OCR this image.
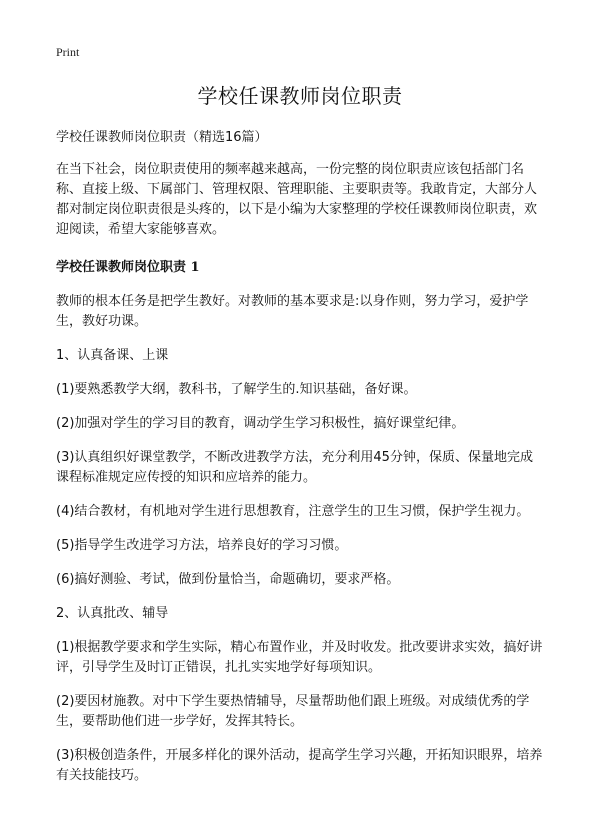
Print
学校任课教师岗位职责

学校任课教师岗位职责（精选16篇）

在当下社会，岗位职责使用的频率越来越高，一份完整的岗位职责应该包括部门名称、直接上级、下属部门、管理权限、管理职能、主要职责等。我敢肯定，大部分人都对制定岗位职责很是头疼的，以下是小编为大家整理的学校任课教师岗位职责，欢迎阅读，希望大家能够喜欢。

学校任课教师岗位职责 1

教师的根本任务是把学生教好。对教师的基本要求是:以身作则，努力学习，爱护学生，教好功课。

1、认真备课、上课

(1)要熟悉教学大纲，教科书，了解学生的.知识基础，备好课。

(2)加强对学生的学习目的教育，调动学生学习积极性，搞好课堂纪律。

(3)认真组织好课堂教学，不断改进教学方法，充分利用45分钟，保质、保量地完成课程标准规定应传授的知识和应培养的能力。

(4)结合教材，有机地对学生进行思想教育，注意学生的卫生习惯，保护学生视力。

(5)指导学生改进学习方法，培养良好的学习习惯。

(6)搞好测验、考试，做到份量恰当，命题确切，要求严格。

2、认真批改、辅导

(1)根据教学要求和学生实际，精心布置作业，并及时收发。批改要讲求实效，搞好讲评，引导学生及时订正错误，扎扎实实地学好每项知识。

(2)要因材施教。对中下学生要热情辅导，尽量帮助他们跟上班级。对成绩优秀的学生，要帮助他们进一步学好，发挥其特长。

(3)积极创造条件，开展多样化的课外活动，提高学生学习兴趣，开拓知识眼界，培养有关技能技巧。
